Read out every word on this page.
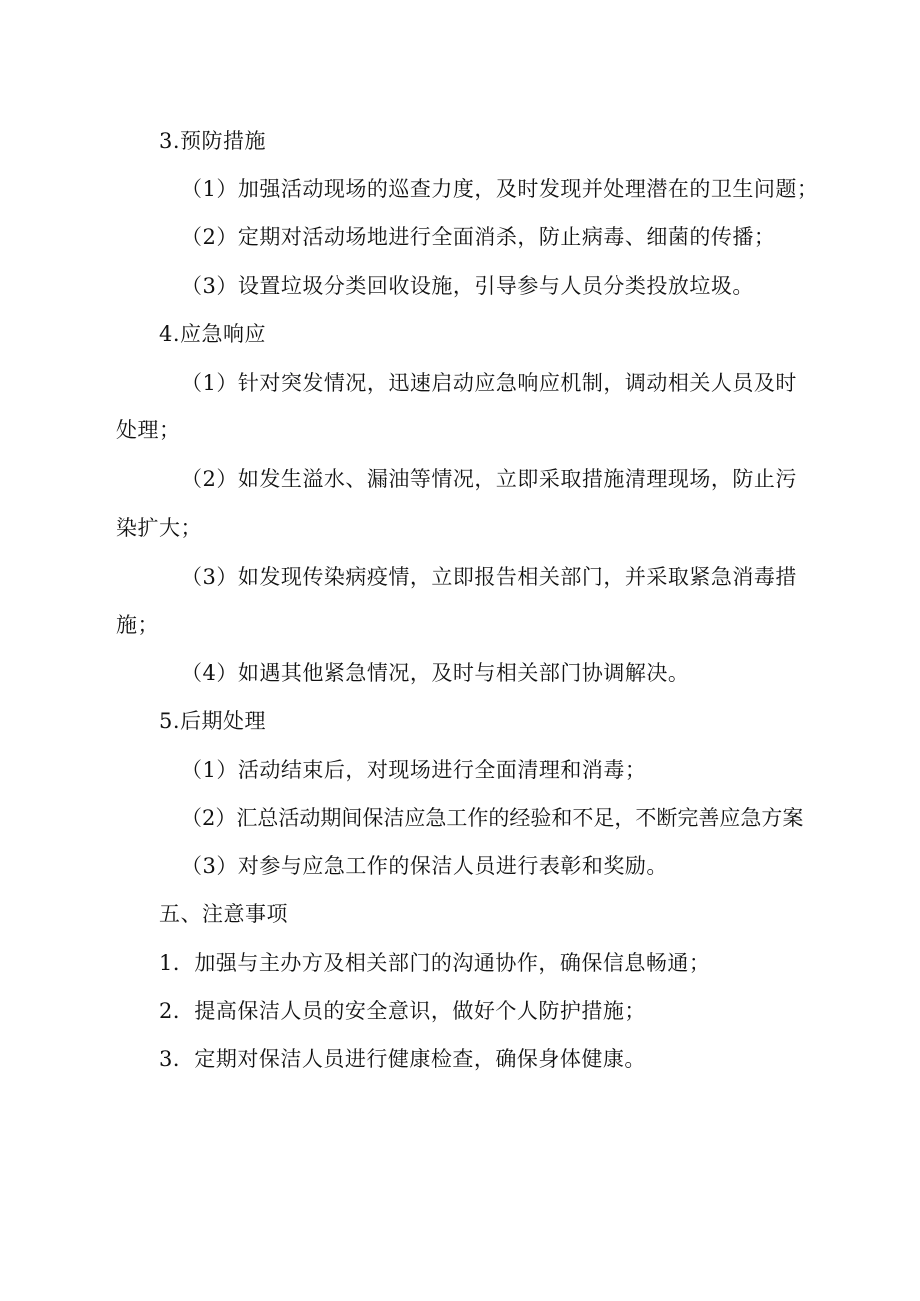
3.预防措施

（1）加强活动现场的巡查力度，及时发现并处理潜在的卫生问题；

（2）定期对活动场地进行全面消杀，防止病毒、细菌的传播；

（3）设置垃圾分类回收设施，引导参与人员分类投放垃圾。

4.应急响应

（1）针对突发情况，迅速启动应急响应机制，调动相关人员及时

处理；

（2）如发生溢水、漏油等情况，立即采取措施清理现场，防止污

染扩大；

（3）如发现传染病疫情，立即报告相关部门，并采取紧急消毒措

施；

（4）如遇其他紧急情况，及时与相关部门协调解决。

5.后期处理

（1）活动结束后，对现场进行全面清理和消毒；

（2）汇总活动期间保洁应急工作的经验和不足，不断完善应急方案

（3）对参与应急工作的保洁人员进行表彰和奖励。

五、注意事项

1．加强与主办方及相关部门的沟通协作，确保信息畅通；

2．提高保洁人员的安全意识，做好个人防护措施；

3．定期对保洁人员进行健康检查，确保身体健康。
